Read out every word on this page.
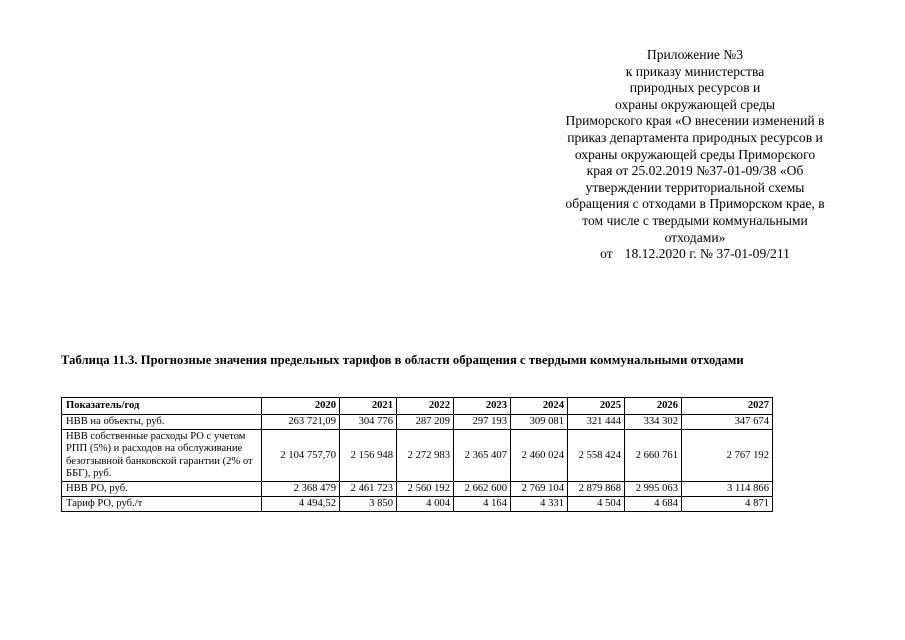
Приложение №3
к приказу министерства
природных ресурсов и
охраны окружающей среды
Приморского края «О внесении изменений в
приказ департамента природных ресурсов и
охраны окружающей среды Приморского
края от 25.02.2019 №37-01-09/38 «Об
утверждении территориальной схемы
обращения с отходами в Приморском крае, в
том числе с твердыми коммунальными
отходами»
от 18.12.2020 г. № 37-01-09/211
Таблица 11.3. Прогнозные значения предельных тарифов в области обращения с твердыми коммунальными отходами
Показатель/год	2020	2021	2022	2023	2024	2025	2026	2027
НВВ на объекты, руб.	263 721,09	304 776	287 209	297 193	309 081	321 444	334 302	347 674
НВВ собственные расходы РО с учетом РПП (5%) и расходов на обслуживание безотзывной банковской гарантии (2% от ББГ), руб.	2 104 757,70	2 156 948	2 272 983	2 365 407	2 460 024	2 558 424	2 660 761	2 767 192
НВВ РО, руб.	2 368 479	2 461 723	2 560 192	2 662 600	2 769 104	2 879 868	2 995 063	3 114 866
Тариф РО, руб./т	4 494,52	3 850	4 004	4 164	4 331	4 504	4 684	4 871
